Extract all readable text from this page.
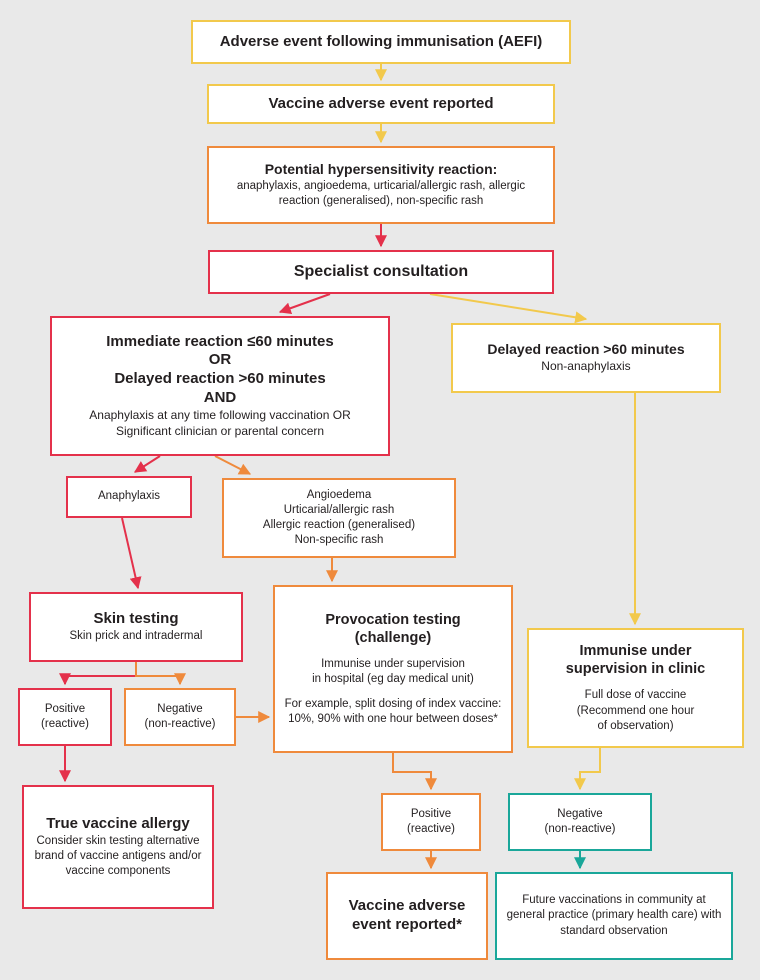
Adverse event following immunisation (AEFI)
Vaccine adverse event reported
Potential hypersensitivity reaction:
anaphylaxis, angioedema, urticarial/allergic rash, allergic reaction (generalised), non-specific rash
Specialist consultation
Immediate reaction ≤60 minutes
OR
Delayed reaction >60 minutes
AND
Anaphylaxis at any time following vaccination OR
Significant clinician or parental concern
Delayed reaction >60 minutes
Non-anaphylaxis
Anaphylaxis	Angioedema
Urticarial/allergic rash
Allergic reaction (generalised)
Non-specific rash
Skin testing
Skin prick and intradermal
Provocation testing
(challenge)
Immunise under supervision
in hospital (eg day medical unit)
For example, split dosing of index vaccine: 10%, 90% with one hour between doses*
Immunise under
supervision in clinic
Full dose of vaccine
(Recommend one hour
of observation)
Positive
(reactive)
Negative
(non-reactive)
True vaccine allergy
Consider skin testing alternative brand of vaccine antigens and/or vaccine components
Positive
(reactive)
Negative
(non-reactive)
Vaccine adverse
event reported*
Future vaccinations in community at general practice (primary health care) with standard observation
